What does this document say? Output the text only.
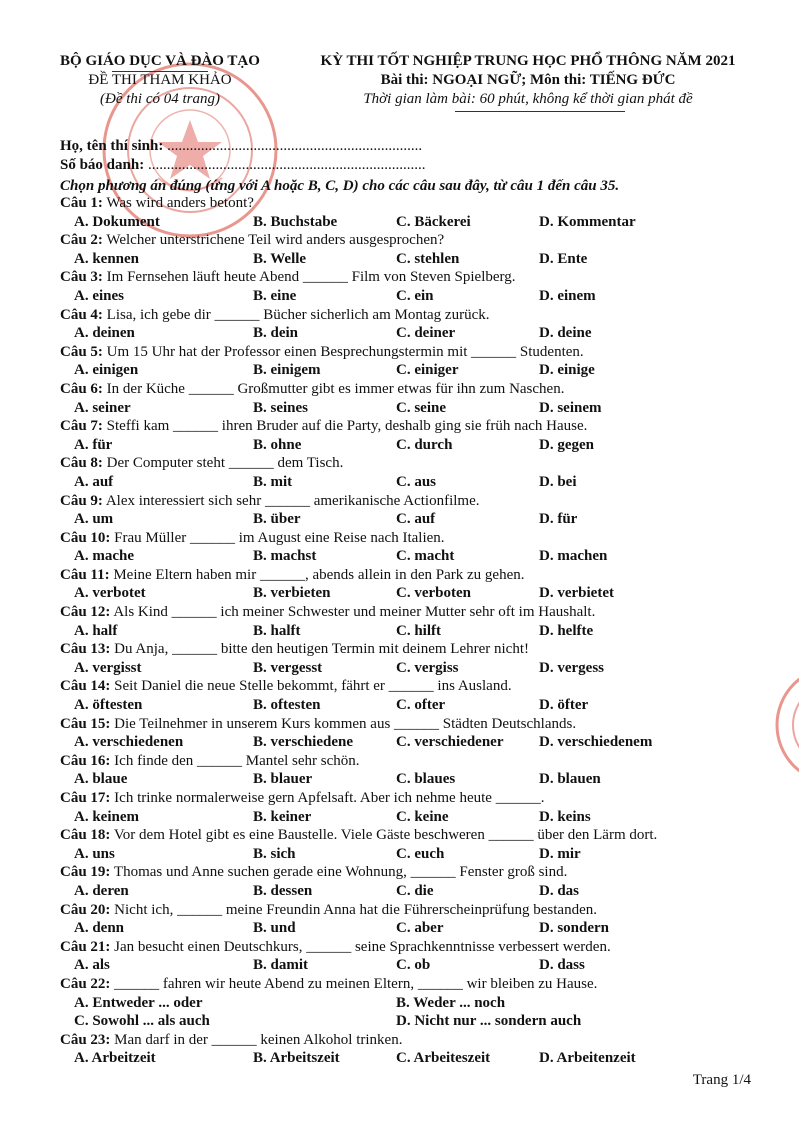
BỘ GIÁO DỤC VÀ ĐÀO TẠO
ĐỀ THI THAM KHẢO
(Đề thi có 04 trang)
KỲ THI TỐT NGHIỆP TRUNG HỌC PHỔ THÔNG NĂM 2021
Bài thi: NGOẠI NGỮ; Môn thi: TIẾNG ĐỨC
Thời gian làm bài: 60 phút, không kể thời gian phát đề
Họ, tên thí sinh: ....................................................................
Số báo danh: ..........................................................................
Chọn phương án đúng (ứng với A hoặc B, C, D) cho các câu sau đây, từ câu 1 đến câu 35.
Câu 1: Was wird anders betont?
A. Dokument	B. Buchstabe	C. Bäckerei	D. Kommentar
Câu 2: Welcher unterstrichene Teil wird anders ausgesprochen?
A. kennen	B. Welle	C. stehlen	D. Ente
Câu 3: Im Fernsehen läuft heute Abend ______ Film von Steven Spielberg.
A. eines	B. eine	C. ein	D. einem
Câu 4: Lisa, ich gebe dir ______ Bücher sicherlich am Montag zurück.
A. deinen	B. dein	C. deiner	D. deine
Câu 5: Um 15 Uhr hat der Professor einen Besprechungstermin mit ______ Studenten.
A. einigen	B. einigem	C. einiger	D. einige
Câu 6: In der Küche ______ Großmutter gibt es immer etwas für ihn zum Naschen.
A. seiner	B. seines	C. seine	D. seinem
Câu 7: Steffi kam ______ ihren Bruder auf die Party, deshalb ging sie früh nach Hause.
A. für	B. ohne	C. durch	D. gegen
Câu 8: Der Computer steht ______ dem Tisch.
A. auf	B. mit	C. aus	D. bei
Câu 9: Alex interessiert sich sehr ______ amerikanische Actionfilme.
A. um	B. über	C. auf	D. für
Câu 10: Frau Müller ______ im August eine Reise nach Italien.
A. mache	B. machst	C. macht	D. machen
Câu 11: Meine Eltern haben mir ______, abends allein in den Park zu gehen.
A. verbotet	B. verbieten	C. verboten	D. verbietet
Câu 12: Als Kind ______ ich meiner Schwester und meiner Mutter sehr oft im Haushalt.
A. half	B. halft	C. hilft	D. helfte
Câu 13: Du Anja, ______ bitte den heutigen Termin mit deinem Lehrer nicht!
A. vergisst	B. vergesst	C. vergiss	D. vergess
Câu 14: Seit Daniel die neue Stelle bekommt, fährt er ______ ins Ausland.
A. öftesten	B. oftesten	C. ofter	D. öfter
Câu 15: Die Teilnehmer in unserem Kurs kommen aus ______ Städten Deutschlands.
A. verschiedenen	B. verschiedene	C. verschiedener D. verschiedenem
Câu 16: Ich finde den ______ Mantel sehr schön.
A. blaue	B. blauer	C. blaues	D. blauen
Câu 17: Ich trinke normalerweise gern Apfelsaft. Aber ich nehme heute ______.
A. keinem	B. keiner	C. keine	D. keins
Câu 18: Vor dem Hotel gibt es eine Baustelle. Viele Gäste beschweren ______ über den Lärm dort.
A. uns	B. sich	C. euch	D. mir
Câu 19: Thomas und Anne suchen gerade eine Wohnung, ______ Fenster groß sind.
A. deren	B. dessen	C. die	D. das
Câu 20: Nicht ich, ______ meine Freundin Anna hat die Führerscheinprüfung bestanden.
A. denn	B. und	C. aber	D. sondern
Câu 21: Jan besucht einen Deutschkurs, ______ seine Sprachkenntnisse verbessert werden.
A. als	B. damit	C. ob	D. dass
Câu 22: ______ fahren wir heute Abend zu meinen Eltern, ______ wir bleiben zu Hause.
A. Entweder ... oder	B. Weder ... noch
C. Sowohl ... als auch	D. Nicht nur ... sondern auch
Câu 23: Man darf in der ______ keinen Alkohol trinken.
A. Arbeitzeit	B. Arbeitszeit	C. Arbeiteszeit	D. Arbeitenzeit
Trang 1/4
